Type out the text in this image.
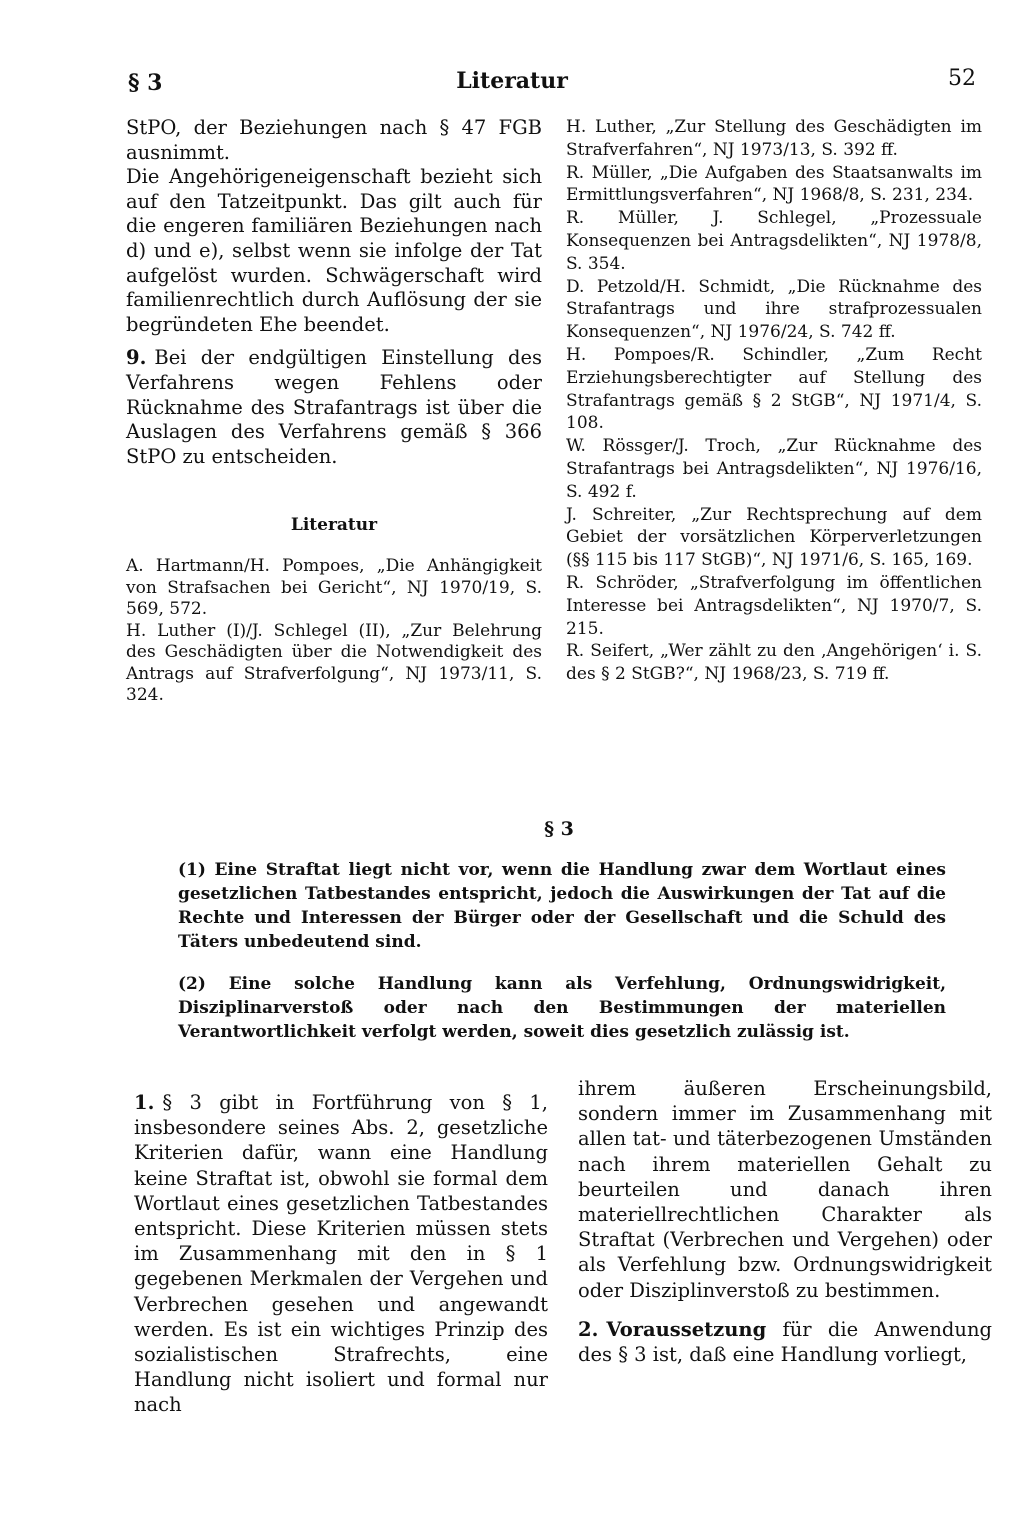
§ 3	Literatur	52

StPO, der Beziehungen nach § 47 FGB ausnimmt.

Die Angehörigeneigenschaft bezieht sich auf den Tatzeitpunkt. Das gilt auch für die engeren familiären Beziehungen nach d) und e), selbst wenn sie infolge der Tat aufgelöst wurden. Schwägerschaft wird familienrechtlich durch Auflösung der sie begründeten Ehe beendet.

9. Bei der endgültigen Einstellung des Verfahrens wegen Fehlens oder Rücknahme des Strafantrags ist über die Auslagen des Verfahrens gemäß § 366 StPO zu entscheiden.

Literatur

A. Hartmann/H. Pompoes, „Die Anhängigkeit von Strafsachen bei Gericht“, NJ 1970/19, S. 569, 572.

H. Luther (I)/J. Schlegel (II), „Zur Belehrung des Geschädigten über die Notwendigkeit des Antrags auf Strafverfolgung“, NJ 1973/11, S. 324.

H. Luther, „Zur Stellung des Geschädigten im Strafverfahren“, NJ 1973/13, S. 392 ff.

R. Müller, „Die Aufgaben des Staatsanwalts im Ermittlungsverfahren“, NJ 1968/8, S. 231, 234.

R. Müller, J. Schlegel, „Prozessuale Konsequenzen bei Antragsdelikten“, NJ 1978/8, S. 354.

D. Petzold/H. Schmidt, „Die Rücknahme des Strafantrags und ihre strafprozessualen Konsequenzen“, NJ 1976/24, S. 742 ff.

H. Pompoes/R. Schindler, „Zum Recht Erziehungsberechtigter auf Stellung des Strafantrags gemäß § 2 StGB“, NJ 1971/4, S. 108.

W. Rössger/J. Troch, „Zur Rücknahme des Strafantrags bei Antragsdelikten“, NJ 1976/16, S. 492 f.

J. Schreiter, „Zur Rechtsprechung auf dem Gebiet der vorsätzlichen Körperverletzungen (§§ 115 bis 117 StGB)“, NJ 1971/6, S. 165, 169.

R. Schröder, „Strafverfolgung im öffentlichen Interesse bei Antragsdelikten“, NJ 1970/7, S. 215.

R. Seifert, „Wer zählt zu den ‚Angehörigen‘ i. S. des § 2 StGB?“, NJ 1968/23, S. 719 ff.

§ 3
(1) Eine Straftat liegt nicht vor, wenn die Handlung zwar dem Wortlaut eines gesetzlichen Tatbestandes entspricht, jedoch die Auswirkungen der Tat auf die Rechte und Interessen der Bürger oder der Gesellschaft und die Schuld des Täters unbedeutend sind.
(2) Eine solche Handlung kann als Verfehlung, Ordnungswidrigkeit, Disziplinarverstoß oder nach den Bestimmungen der materiellen Verantwortlichkeit verfolgt werden, soweit dies gesetzlich zulässig ist.
1. § 3 gibt in Fortführung von § 1, insbesondere seines Abs. 2, gesetzliche Kriterien dafür, wann eine Handlung keine Straftat ist, obwohl sie formal dem Wortlaut eines gesetzlichen Tatbestandes entspricht. Diese Kriterien müssen stets im Zusammenhang mit den in § 1 gegebenen Merkmalen der Vergehen und Verbrechen gesehen und angewandt werden. Es ist ein wichtiges Prinzip des sozialistischen Strafrechts, eine Handlung nicht isoliert und formal nur nach

ihrem äußeren Erscheinungsbild, sondern immer im Zusammenhang mit allen tat- und täterbezogenen Umständen nach ihrem materiellen Gehalt zu beurteilen und danach ihren materiellrechtlichen Charakter als Straftat (Verbrechen und Vergehen) oder als Verfehlung bzw. Ordnungswidrigkeit oder Disziplinverstoß zu bestimmen.

2. Voraussetzung für die Anwendung des § 3 ist, daß eine Handlung vorliegt,
